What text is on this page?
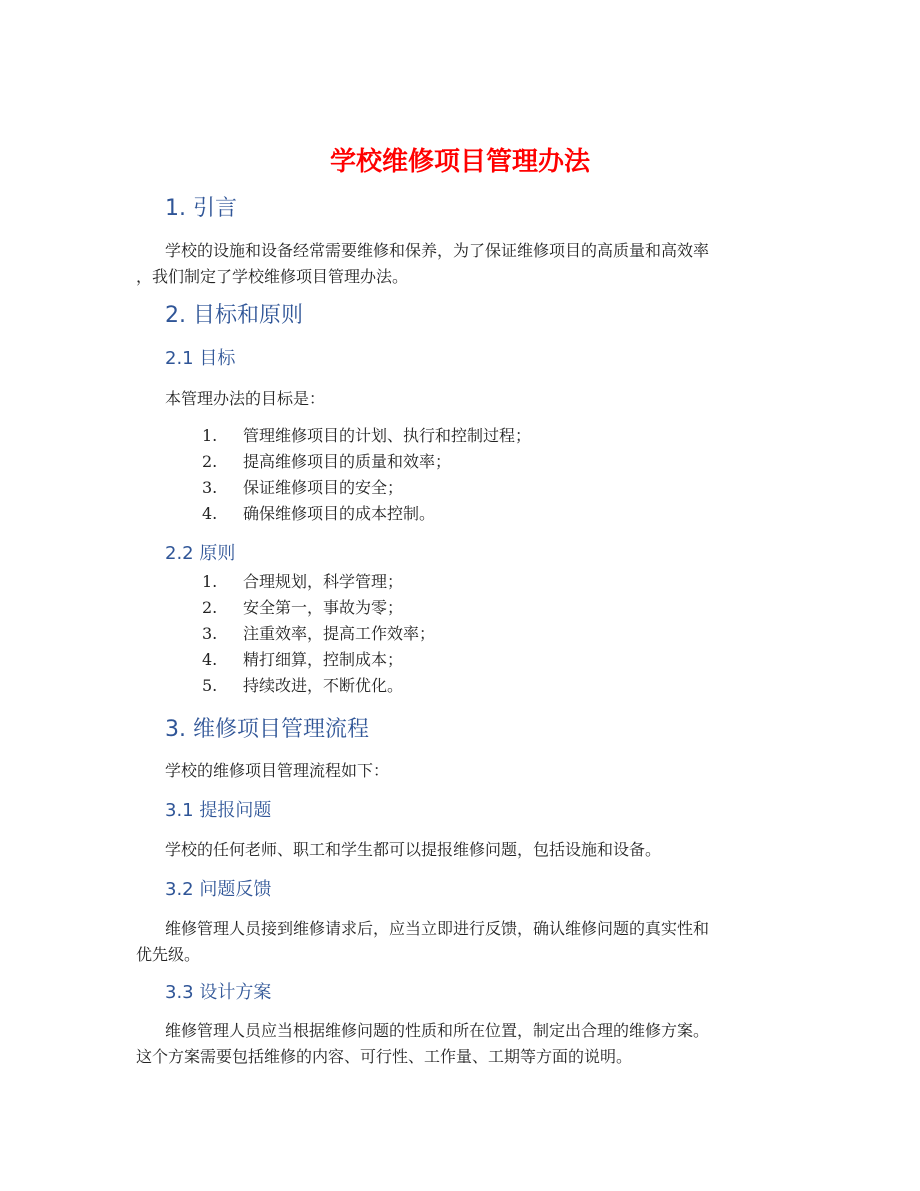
学校维修项目管理办法
1. 引言
学校的设施和设备经常需要维修和保养，为了保证维修项目的高质量和高效率
，我们制定了学校维修项目管理办法。
2. 目标和原则
2.1 目标
本管理办法的目标是：
1.	管理维修项目的计划、执行和控制过程；
2.	提高维修项目的质量和效率；
3.	保证维修项目的安全；
4.	确保维修项目的成本控制。
2.2 原则
1.	合理规划，科学管理；
2.	安全第一，事故为零；
3.	注重效率，提高工作效率；
4.	精打细算，控制成本；
5.	持续改进，不断优化。
3. 维修项目管理流程
学校的维修项目管理流程如下：
3.1 提报问题
学校的任何老师、职工和学生都可以提报维修问题，包括设施和设备。
3.2 问题反馈
维修管理人员接到维修请求后，应当立即进行反馈，确认维修问题的真实性和
优先级。
3.3 设计方案
维修管理人员应当根据维修问题的性质和所在位置，制定出合理的维修方案。
这个方案需要包括维修的内容、可行性、工作量、工期等方面的说明。
